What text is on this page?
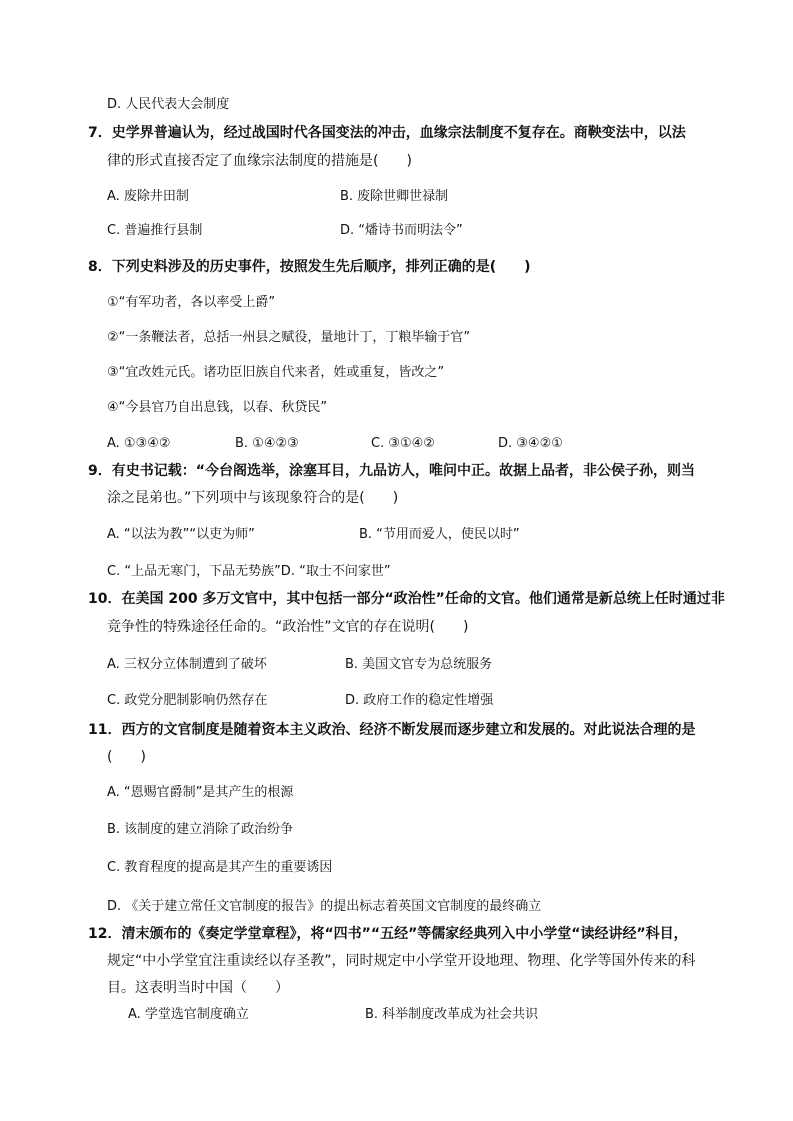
D. 人民代表大会制度
7．史学界普遍认为，经过战国时代各国变法的冲击，血缘宗法制度不复存在。商鞅变法中，以法
律的形式直接否定了血缘宗法制度的措施是(　　)
A. 废除井田制	B. 废除世卿世禄制
C. 普遍推行县制	D. “燔诗书而明法令”
8．下列史料涉及的历史事件，按照发生先后顺序，排列正确的是(　　)
①“有军功者，各以率受上爵”
②“一条鞭法者，总括一州县之赋役，量地计丁，丁粮毕输于官”
③“宜改姓元氏。诸功臣旧族自代来者，姓或重复，皆改之”
④“今县官乃自出息钱，以春、秋贷民”
A. ①③④②	B. ①④②③	C. ③①④②	D. ③④②①
9．有史书记载：“今台阁选举，涂塞耳目，九品访人，唯问中正。故据上品者，非公侯子孙，则当
涂之昆弟也。”下列项中与该现象符合的是(　　)
A. “以法为教”“以吏为师”	B. “节用而爱人，使民以时”
C. “上品无寒门，下品无势族”D. “取士不问家世”
10．在美国 200 多万文官中，其中包括一部分“政治性”任命的文官。他们通常是新总统上任时通过非
竞争性的特殊途径任命的。“政治性”文官的存在说明(　　)
A. 三权分立体制遭到了破坏	B. 美国文官专为总统服务
C. 政党分肥制影响仍然存在	D. 政府工作的稳定性增强
11．西方的文官制度是随着资本主义政治、经济不断发展而逐步建立和发展的。对此说法合理的是
(　　)
A. “恩赐官爵制”是其产生的根源
B. 该制度的建立消除了政治纷争
C. 教育程度的提高是其产生的重要诱因
D. 《关于建立常任文官制度的报告》的提出标志着英国文官制度的最终确立
12．清末颁布的《奏定学堂章程》，将“四书”“五经”等儒家经典列入中小学堂“读经讲经”科目，
规定“中小学堂宜注重读经以存圣教”，同时规定中小学堂开设地理、物理、化学等国外传来的科
目。这表明当时中国（　　）
A. 学堂选官制度确立	B. 科举制度改革成为社会共识
